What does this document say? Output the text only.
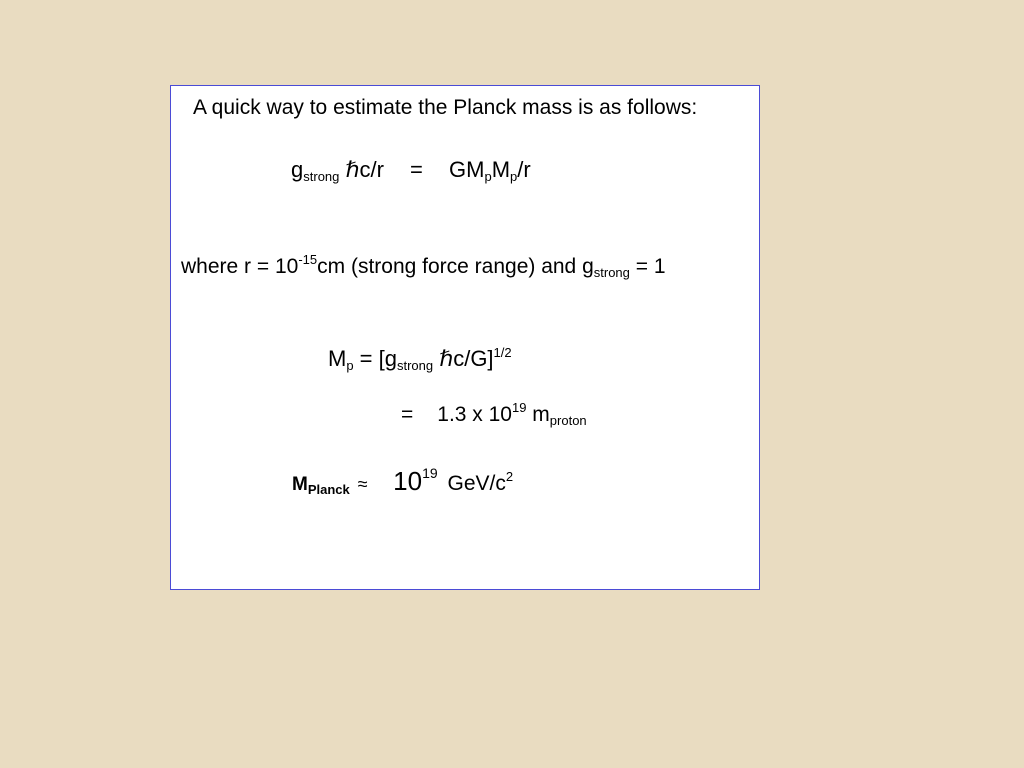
A quick way to estimate the Planck mass is as follows:
$g_{strong}$ ℏc/r = $GM_pM_p/r$
where $r = 10^{-15}cm$ (strong force range) and $g_{strong} = 1$
$M_p = [g_{strong}$ ℏc/G]$^{1/2}$
= 1.3 x $10^{19}$ $m_{proton}$
$M_{Planck} \approx 10^{19}$ GeV/$c^2$
